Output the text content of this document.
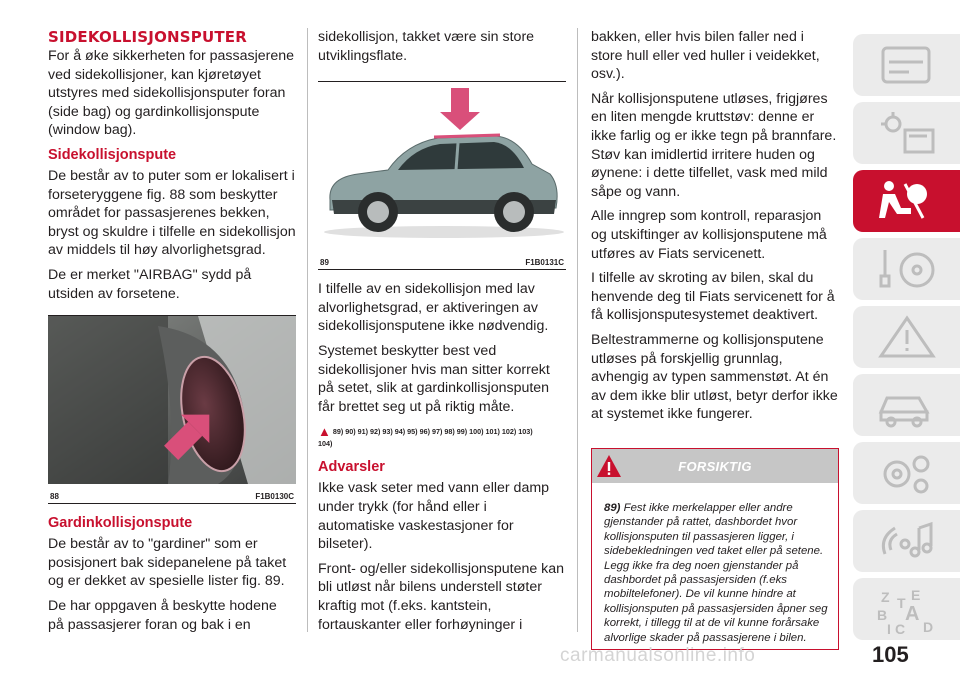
SIDEKOLLISJONSPUTER

For å øke sikkerheten for passasjerene ved sidekollisjoner, kan kjøretøyet utstyres med sidekollisjonsputer foran (side bag) og gardinkollisjonspute (window bag).

Sidekollisjonspute

De består av to puter som er lokalisert i forseteryggene fig. 88 som beskytter området for passasjerenes bekken, bryst og skuldre i tilfelle en sidekollisjon av middels til høy alvorlighetsgrad.

De er merket "AIRBAG" sydd på utsiden av forsetene.

88	F1B0130C
Gardinkollisjonspute

De består av to "gardiner" som er posisjonert bak sidepanelene på taket og er dekket av spesielle lister fig. 89.

De har oppgaven å beskytte hodene på passasjerer foran og bak i en

sidekollisjon, takket være sin store utviklingsflate.

89	F1B0131C

I tilfelle av en sidekollisjon med lav alvorlighetsgrad, er aktiveringen av sidekollisjonsputene ikke nødvendig.

Systemet beskytter best ved sidekollisjoner hvis man sitter korrekt på setet, slik at gardinkollisjonsputen får brettet seg ut på riktig måte.

▲ 89) 90) 91) 92) 93) 94) 95) 96) 97) 98) 99) 100) 101) 102) 103)
104)
Advarsler

Ikke vask seter med vann eller damp under trykk (for hånd eller i automatiske vaskestasjoner for bilseter).

Front- og/eller sidekollisjonsputene kan bli utløst når bilens understell støter kraftig mot (f.eks. kantstein, fortauskanter eller forhøyninger i

bakken, eller hvis bilen faller ned i store hull eller ved huller i veidekket, osv.).

Når kollisjonsputene utløses, frigjøres en liten mengde kruttstøv: denne er ikke farlig og er ikke tegn på brannfare. Støv kan imidlertid irritere huden og øynene: i dette tilfellet, vask med mild såpe og vann.

Alle inngrep som kontroll, reparasjon og utskiftinger av kollisjonsputene må utføres av Fiats servicenett.

I tilfelle av skroting av bilen, skal du henvende deg til Fiats servicenett for å få kollisjonsputesystemet deaktivert.

Beltestrammerne og kollisjonsputene utløses på forskjellig grunnlag, avhengig av typen sammenstøt. At én av dem ikke blir utløst, betyr derfor ikke at systemet ikke fungerer.

FORSIKTIG
89) Fest ikke merkelapper eller andre gjenstander på rattet, dashbordet hvor kollisjonsputen til passasjeren ligger, i sidebekledningen ved taket eller på setene. Legg ikke fra deg noen gjenstander på dashbordet på passasjersiden (f.eks mobiltelefoner). De vil kunne hindre at kollisjonsputen på passasjersiden åpner seg korrekt, i tillegg til at de vil kunne forårsake alvorlige skader på passasjerene i bilen.
Z E
B A
I C
T
D
carmanualsonline.info	105
